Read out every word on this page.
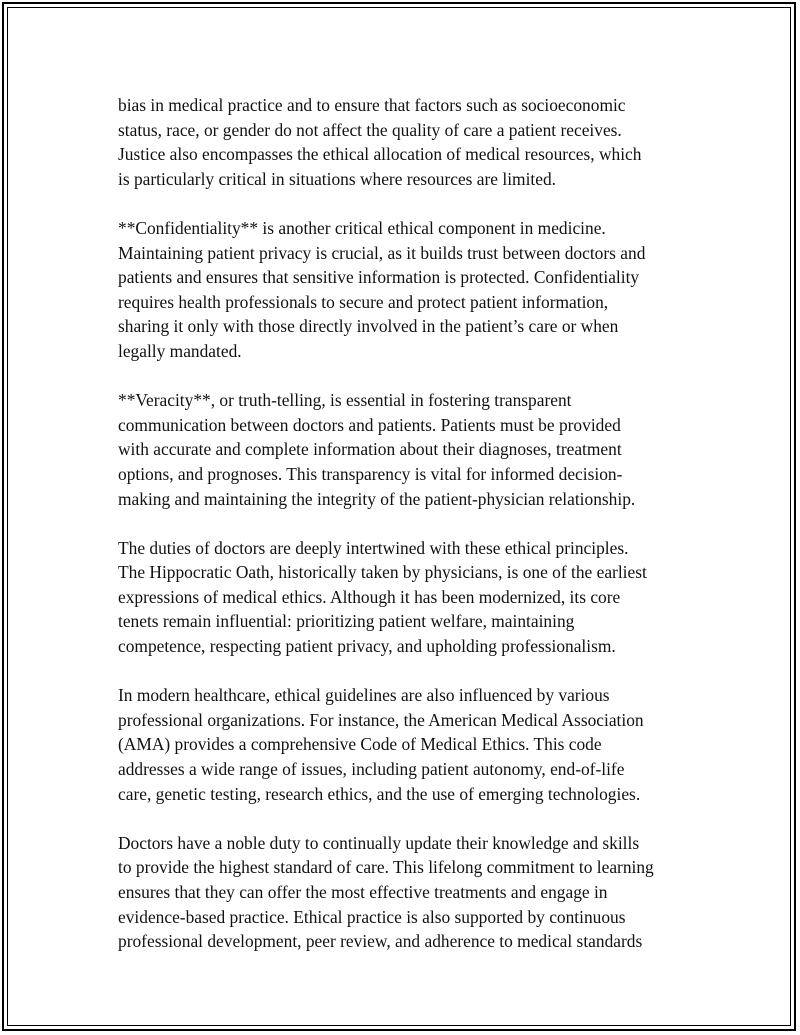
bias in medical practice and to ensure that factors such as socioeconomic
status, race, or gender do not affect the quality of care a patient receives.
Justice also encompasses the ethical allocation of medical resources, which
is particularly critical in situations where resources are limited.

**Confidentiality** is another critical ethical component in medicine.
Maintaining patient privacy is crucial, as it builds trust between doctors and
patients and ensures that sensitive information is protected. Confidentiality
requires health professionals to secure and protect patient information,
sharing it only with those directly involved in the patient’s care or when
legally mandated.

**Veracity**, or truth-telling, is essential in fostering transparent
communication between doctors and patients. Patients must be provided
with accurate and complete information about their diagnoses, treatment
options, and prognoses. This transparency is vital for informed decision-
making and maintaining the integrity of the patient-physician relationship.

The duties of doctors are deeply intertwined with these ethical principles.
The Hippocratic Oath, historically taken by physicians, is one of the earliest
expressions of medical ethics. Although it has been modernized, its core
tenets remain influential: prioritizing patient welfare, maintaining
competence, respecting patient privacy, and upholding professionalism.

In modern healthcare, ethical guidelines are also influenced by various
professional organizations. For instance, the American Medical Association
(AMA) provides a comprehensive Code of Medical Ethics. This code
addresses a wide range of issues, including patient autonomy, end-of-life
care, genetic testing, research ethics, and the use of emerging technologies.

Doctors have a noble duty to continually update their knowledge and skills
to provide the highest standard of care. This lifelong commitment to learning
ensures that they can offer the most effective treatments and engage in
evidence-based practice. Ethical practice is also supported by continuous
professional development, peer review, and adherence to medical standards
